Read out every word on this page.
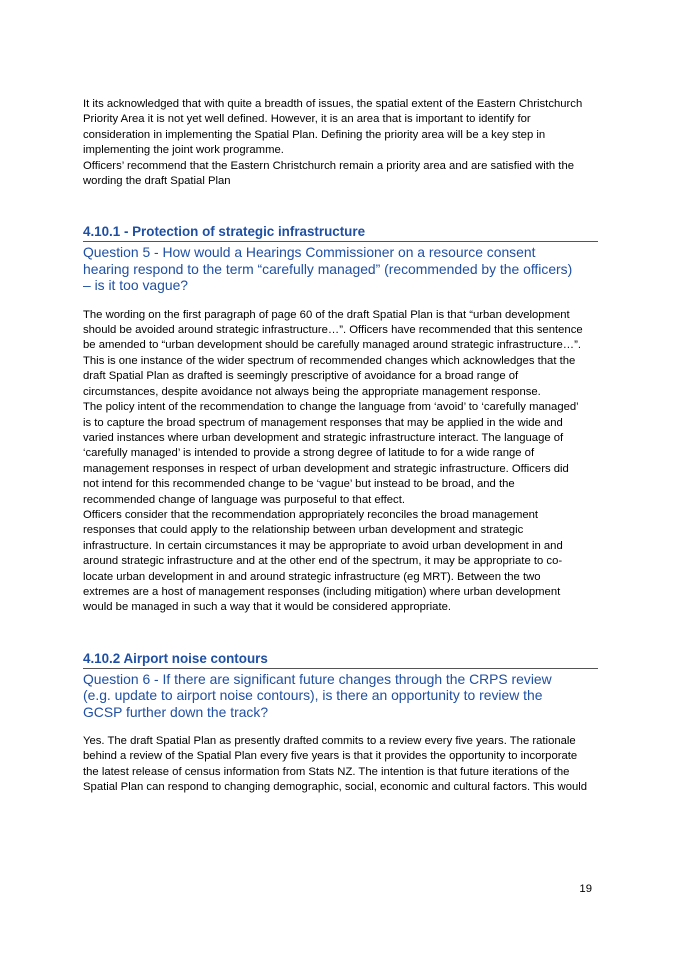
It its acknowledged that with quite a breadth of issues, the spatial extent of the Eastern Christchurch
Priority Area it is not yet well defined. However, it is an area that is important to identify for
consideration in implementing the Spatial Plan. Defining the priority area will be a key step in
implementing the joint work programme.

Officers’ recommend that the Eastern Christchurch remain a priority area and are satisfied with the
wording the draft Spatial Plan

4.10.1 - Protection of strategic infrastructure
Question 5 - How would a Hearings Commissioner on a resource consent
hearing respond to the term “carefully managed” (recommended by the officers)
– is it too vague?

The wording on the first paragraph of page 60 of the draft Spatial Plan is that “urban development
should be avoided around strategic infrastructure…”. Officers have recommended that this sentence
be amended to “urban development should be carefully managed around strategic infrastructure…”.
This is one instance of the wider spectrum of recommended changes which acknowledges that the
draft Spatial Plan as drafted is seemingly prescriptive of avoidance for a broad range of
circumstances, despite avoidance not always being the appropriate management response.

The policy intent of the recommendation to change the language from ‘avoid’ to ‘carefully managed’
is to capture the broad spectrum of management responses that may be applied in the wide and
varied instances where urban development and strategic infrastructure interact. The language of
‘carefully managed’ is intended to provide a strong degree of latitude to for a wide range of
management responses in respect of urban development and strategic infrastructure. Officers did
not intend for this recommended change to be ‘vague’ but instead to be broad, and the
recommended change of language was purposeful to that effect.

Officers consider that the recommendation appropriately reconciles the broad management
responses that could apply to the relationship between urban development and strategic
infrastructure. In certain circumstances it may be appropriate to avoid urban development in and
around strategic infrastructure and at the other end of the spectrum, it may be appropriate to co-
locate urban development in and around strategic infrastructure (eg MRT). Between the two
extremes are a host of management responses (including mitigation) where urban development
would be managed in such a way that it would be considered appropriate.

4.10.2 Airport noise contours
Question 6 - If there are significant future changes through the CRPS review
(e.g. update to airport noise contours), is there an opportunity to review the
GCSP further down the track?

Yes. The draft Spatial Plan as presently drafted commits to a review every five years. The rationale
behind a review of the Spatial Plan every five years is that it provides the opportunity to incorporate
the latest release of census information from Stats NZ. The intention is that future iterations of the
Spatial Plan can respond to changing demographic, social, economic and cultural factors. This would

19
